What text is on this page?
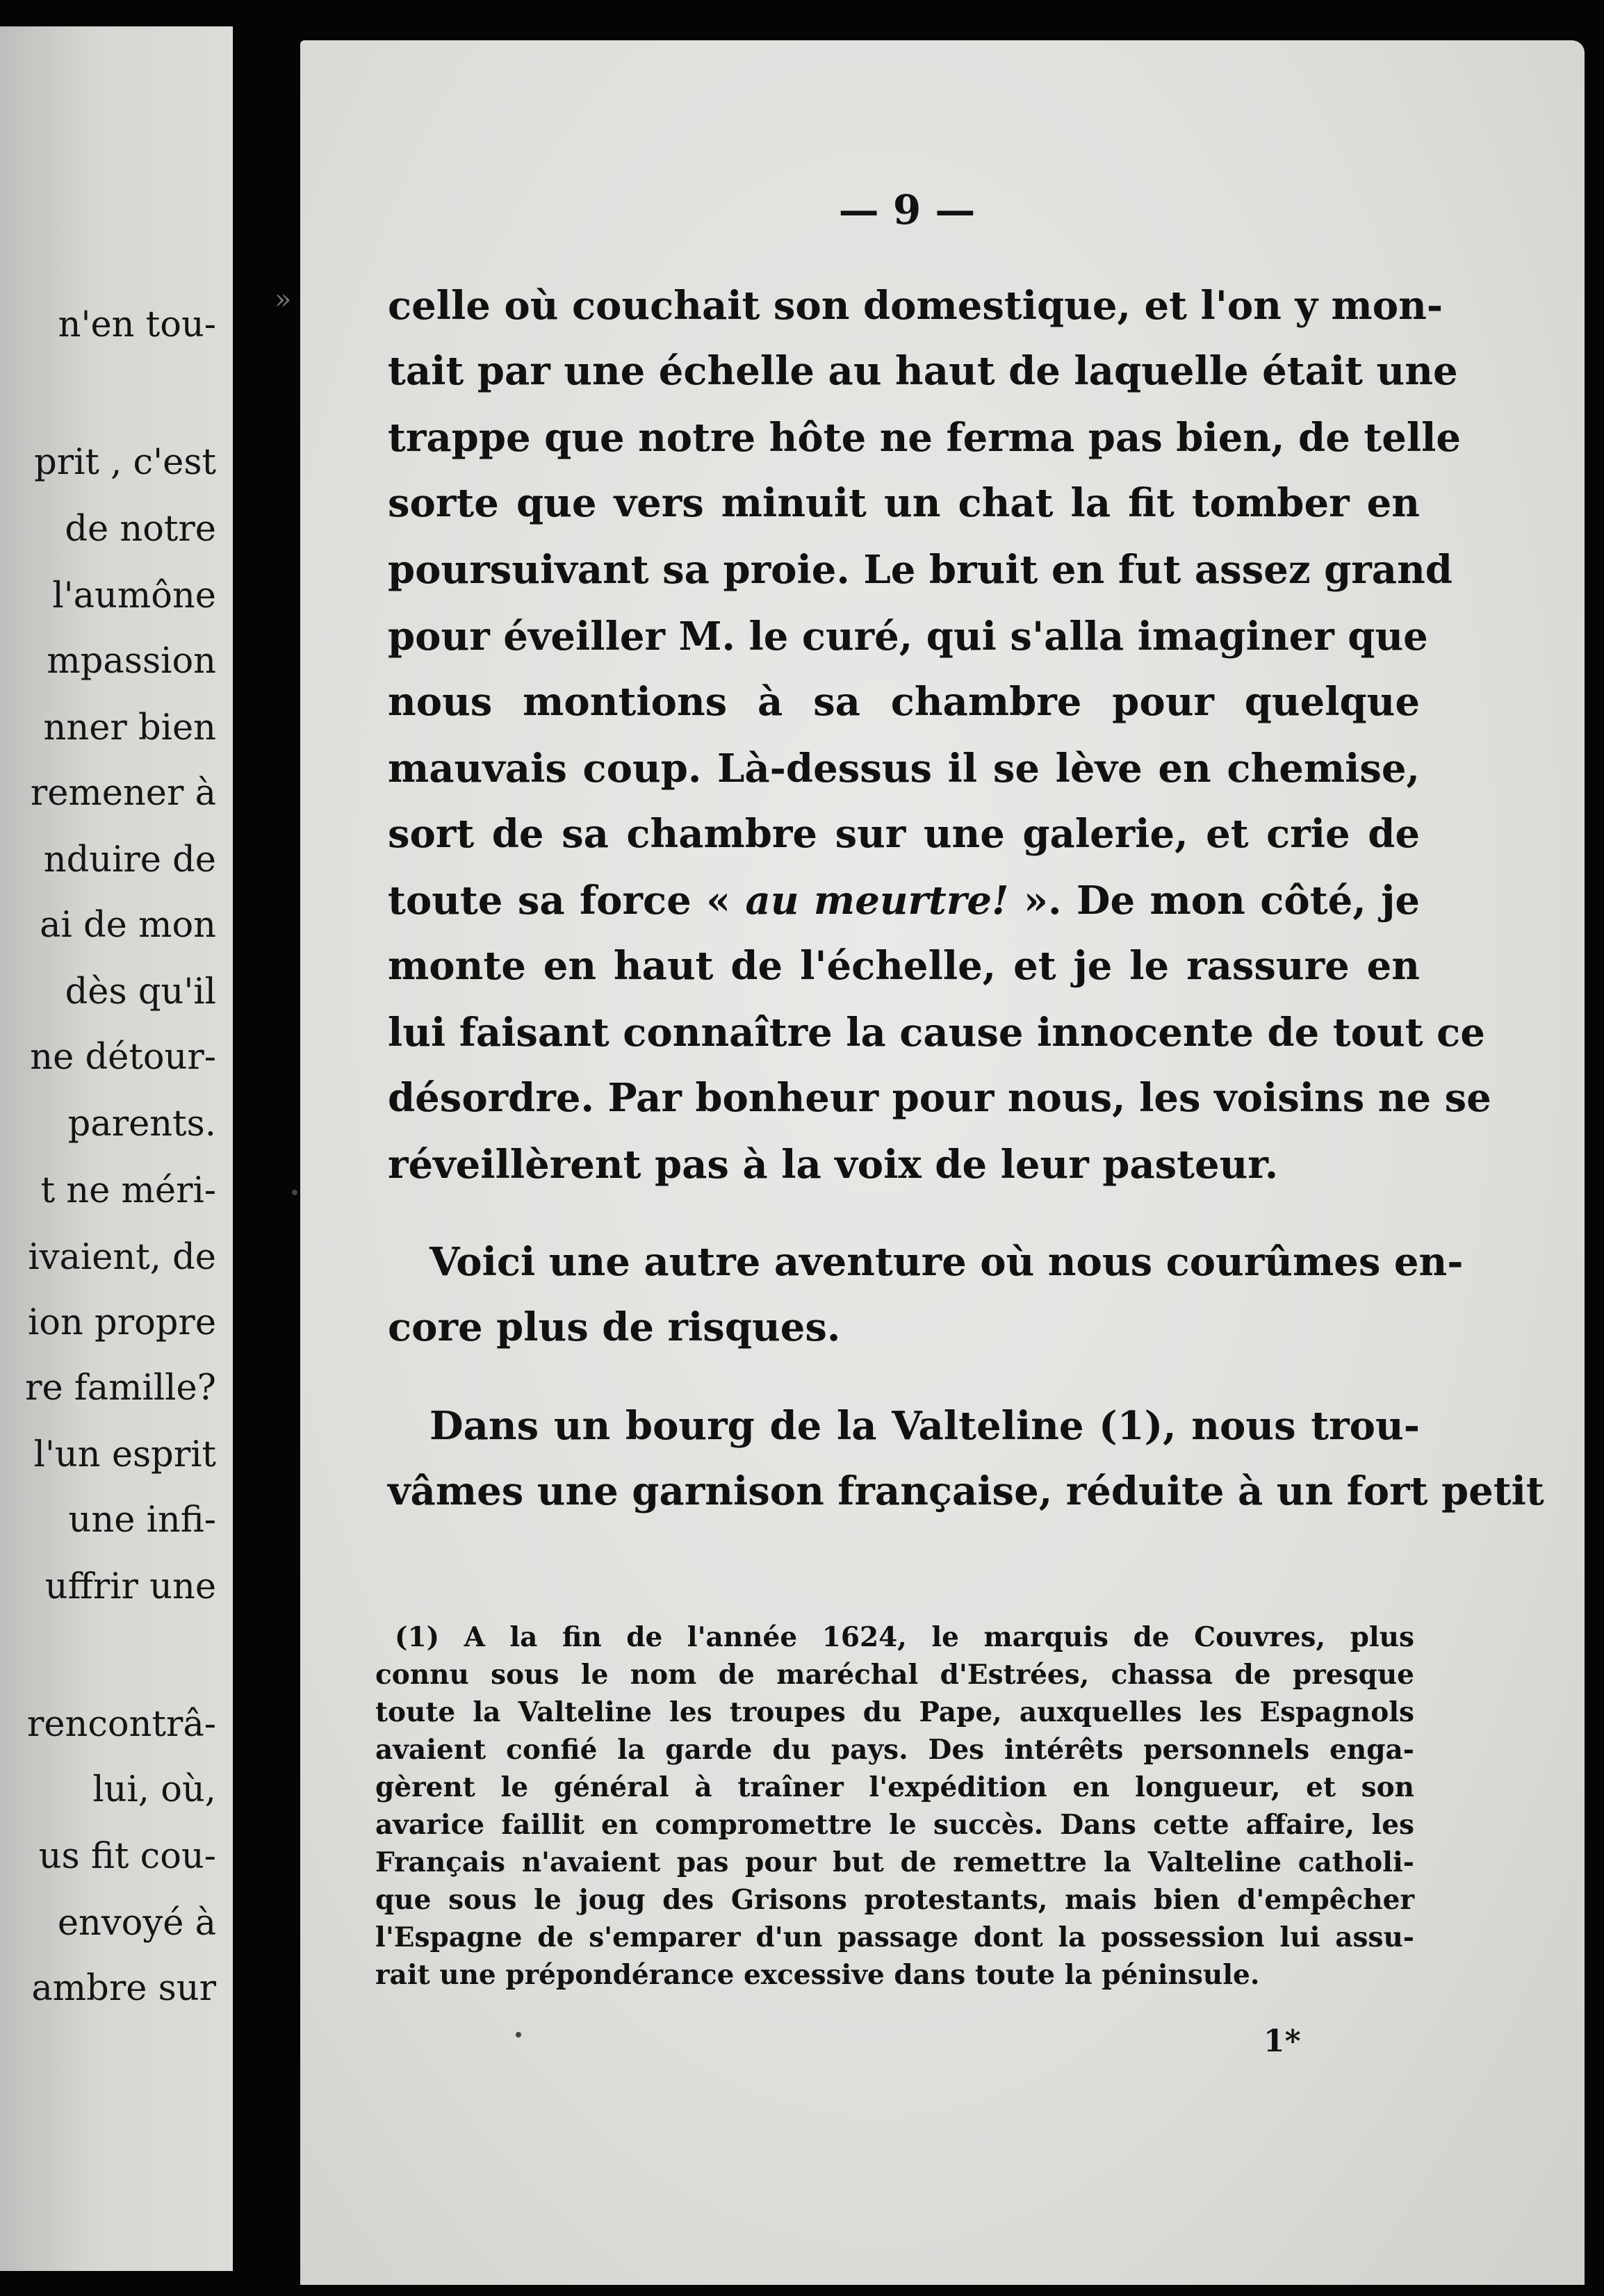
n'en tou-
prit , c'est
de notre
l'aumône
mpassion
nner bien
remener à
nduire de
ai de mon
dès qu'il
ne détour-
parents.
t ne méri-
ivaient, de
ion propre
re famille?
l'un esprit
une infi-
uffrir une
rencontrâ-
lui, où,
us fit cou-
envoyé à
ambre sur
»
— 9 —
celle où couchait son domestique, et l'on y mon-
tait par une échelle au haut de laquelle était une
trappe que notre hôte ne ferma pas bien, de telle
sorte que vers minuit un chat la fit tomber en
poursuivant sa proie. Le bruit en fut assez grand
pour éveiller M. le curé, qui s'alla imaginer que
nous montions à sa chambre pour quelque
mauvais coup. Là-dessus il se lève en chemise,
sort de sa chambre sur une galerie, et crie de
toute sa force « au meurtre! ». De mon côté, je
monte en haut de l'échelle, et je le rassure en
lui faisant connaître la cause innocente de tout ce
désordre. Par bonheur pour nous, les voisins ne se
réveillèrent pas à la voix de leur pasteur.
Voici une autre aventure où nous courûmes en-
core plus de risques.
Dans un bourg de la Valteline (1), nous trou-
vâmes une garnison française, réduite à un fort petit
(1) A la fin de l'année 1624, le marquis de Couvres, plus
connu sous le nom de maréchal d'Estrées, chassa de presque
toute la Valteline les troupes du Pape, auxquelles les Espagnols
avaient confié la garde du pays. Des intérêts personnels enga-
gèrent le général à traîner l'expédition en longueur, et son
avarice faillit en compromettre le succès. Dans cette affaire, les
Français n'avaient pas pour but de remettre la Valteline catholi-
que sous le joug des Grisons protestants, mais bien d'empêcher
l'Espagne de s'emparer d'un passage dont la possession lui assu-
rait une prépondérance excessive dans toute la péninsule.
1*
